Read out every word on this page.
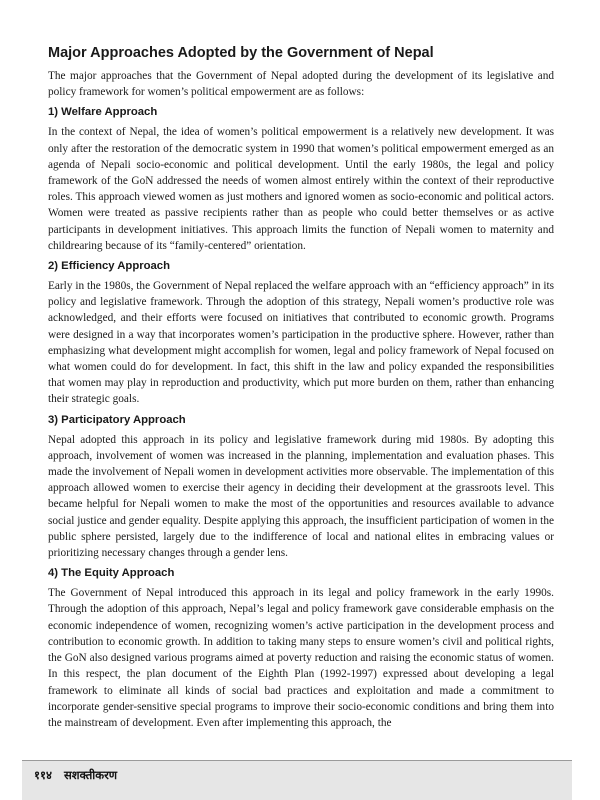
Major Approaches Adopted by the Government of Nepal

The major approaches that the Government of Nepal adopted during the development of its legislative and policy framework for women’s political empowerment are as follows:

1) Welfare Approach

In the context of Nepal, the idea of women’s political empowerment is a relatively new development. It was only after the restoration of the democratic system in 1990 that women’s political empowerment emerged as an agenda of Nepali socio-economic and political development. Until the early 1980s, the legal and policy framework of the GoN addressed the needs of women almost entirely within the context of their reproductive roles. This approach viewed women as just mothers and ignored women as socio-economic and political actors. Women were treated as passive recipients rather than as people who could better themselves or as active participants in development initiatives. This approach limits the function of Nepali women to maternity and childrearing because of its “family-centered” orientation.

2) Efficiency Approach

Early in the 1980s, the Government of Nepal replaced the welfare approach with an “efficiency approach” in its policy and legislative framework. Through the adoption of this strategy, Nepali women’s productive role was acknowledged, and their efforts were focused on initiatives that contributed to economic growth. Programs were designed in a way that incorporates women’s participation in the productive sphere. However, rather than emphasizing what development might accomplish for women, legal and policy framework of Nepal focused on what women could do for development. In fact, this shift in the law and policy expanded the responsibilities that women may play in reproduction and productivity, which put more burden on them, rather than enhancing their strategic goals.

3) Participatory Approach

Nepal adopted this approach in its policy and legislative framework during mid 1980s. By adopting this approach, involvement of women was increased in the planning, implementation and evaluation phases. This made the involvement of Nepali women in development activities more observable. The implementation of this approach allowed women to exercise their agency in deciding their development at the grassroots level. This became helpful for Nepali women to make the most of the opportunities and resources available to advance social justice and gender equality. Despite applying this approach, the insufficient participation of women in the public sphere persisted, largely due to the indifference of local and national elites in embracing values or prioritizing necessary changes through a gender lens.

4) The Equity Approach

The Government of Nepal introduced this approach in its legal and policy framework in the early 1990s. Through the adoption of this approach, Nepal’s legal and policy framework gave considerable emphasis on the economic independence of women, recognizing women’s active participation in the development process and contribution to economic growth. In addition to taking many steps to ensure women’s civil and political rights, the GoN also designed various programs aimed at poverty reduction and raising the economic status of women. In this respect, the plan document of the Eighth Plan (1992-1997) expressed about developing a legal framework to eliminate all kinds of social bad practices and exploitation and made a commitment to incorporate gender-sensitive special programs to improve their socio-economic conditions and bring them into the mainstream of development. Even after implementing this approach, the

११४ सशक्तीकरण
